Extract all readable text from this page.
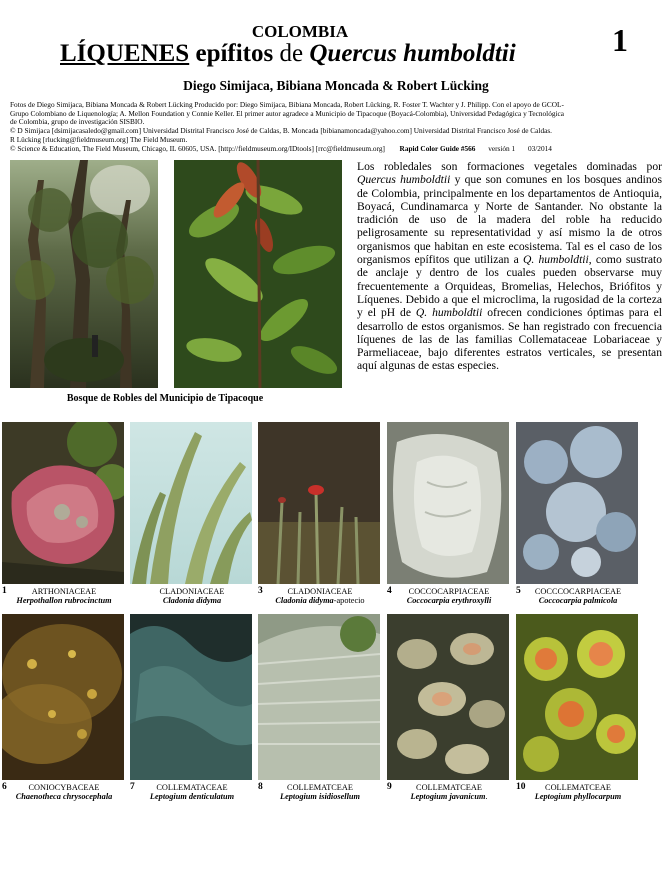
COLOMBIA
LÍQUENES epífitos de Quercus humboldtii	1
Diego Simijaca, Bibiana Moncada & Robert Lücking
Fotos de Diego Simijaca, Bibiana Moncada & Robert Lücking Producido por: Diego Simijaca, Bibiana Moncada, Robert Lücking, R. Foster T. Wachter y J. Philipp. Con el apoyo de GCOL-
Grupo Colombiano de Liquenología; A. Mellon Foundation y Connie Keller. El primer autor agradece a Municipio de Tipacoque (Boyacá-Colombia), Universidad Pedagógica y Tecnológica
de Colombia, grupo de investigación SISBIO.
© D Simijaca [dsimijacasaledo@gmail.com] Universidad Distrital Francisco José de Caldas, B. Moncada [bibianamoncada@yahoo.com] Universidad Distrital Francisco José de Caldas.
R Lücking [rlucking@fieldmuseum.org] The Field Museum.
© Science & Education, The Field Museum, Chicago, IL 60605, USA. [http://fieldmuseum.org/IDtools] [rrc@fieldmuseum.org] Rapid Color Guide #566 versión 1 03/2014
Bosque de Robles del Municipio de Tipacoque
Los robledales son formaciones vegetales dominadas por Quercus humboldtii y que son comunes en los bosques andinos de Colombia, principalmente en los departamentos de Antioquia, Boyacá, Cundinamarca y Norte de Santander. No obstante la tradición de uso de la madera del roble ha reducido peligrosamente su representatividad y así mismo la de otros organismos que habitan en este ecosistema. Tal es el caso de los organismos epífitos que utilizan a Q. humboldtii, como sustrato de anclaje y dentro de los cuales pueden observarse muy frecuentemente a Orquideas, Bromelias, Helechos, Briófitos y Líquenes. Debido a que el microclima, la rugosidad de la corteza y el pH de Q. humboldtii ofrecen condiciones óptimas para el desarrollo de estos organismos. Se han registrado con frecuencia líquenes de las de las familias Collemataceae Lobariaceae y Parmeliaceae, bajo diferentes estratos verticales, se presentan aquí algunas de estas especies.
1	ARTHONIACEAE
Herpothallon rubrocinctum
CLADONIACEAE
Cladonia didyma
3	CLADONIACEAE
Cladonia didyma-apotecio
4	COCCOCARPIACEAE
Coccocarpia erythroxylli
5	COCCCOCARPIACEAE
Coccocarpia palmicola
6	CONIOCYBACEAE
Chaenotheca chrysocephala
7	COLLEMATACEAE
Leptogium denticulatum
8	COLLEMATCEAE
Leptogium isidiosellum
9	COLLEMATCEAE
Leptogium javanicum.
10	COLLEMATCEAE
Leptogium phyllocarpum
